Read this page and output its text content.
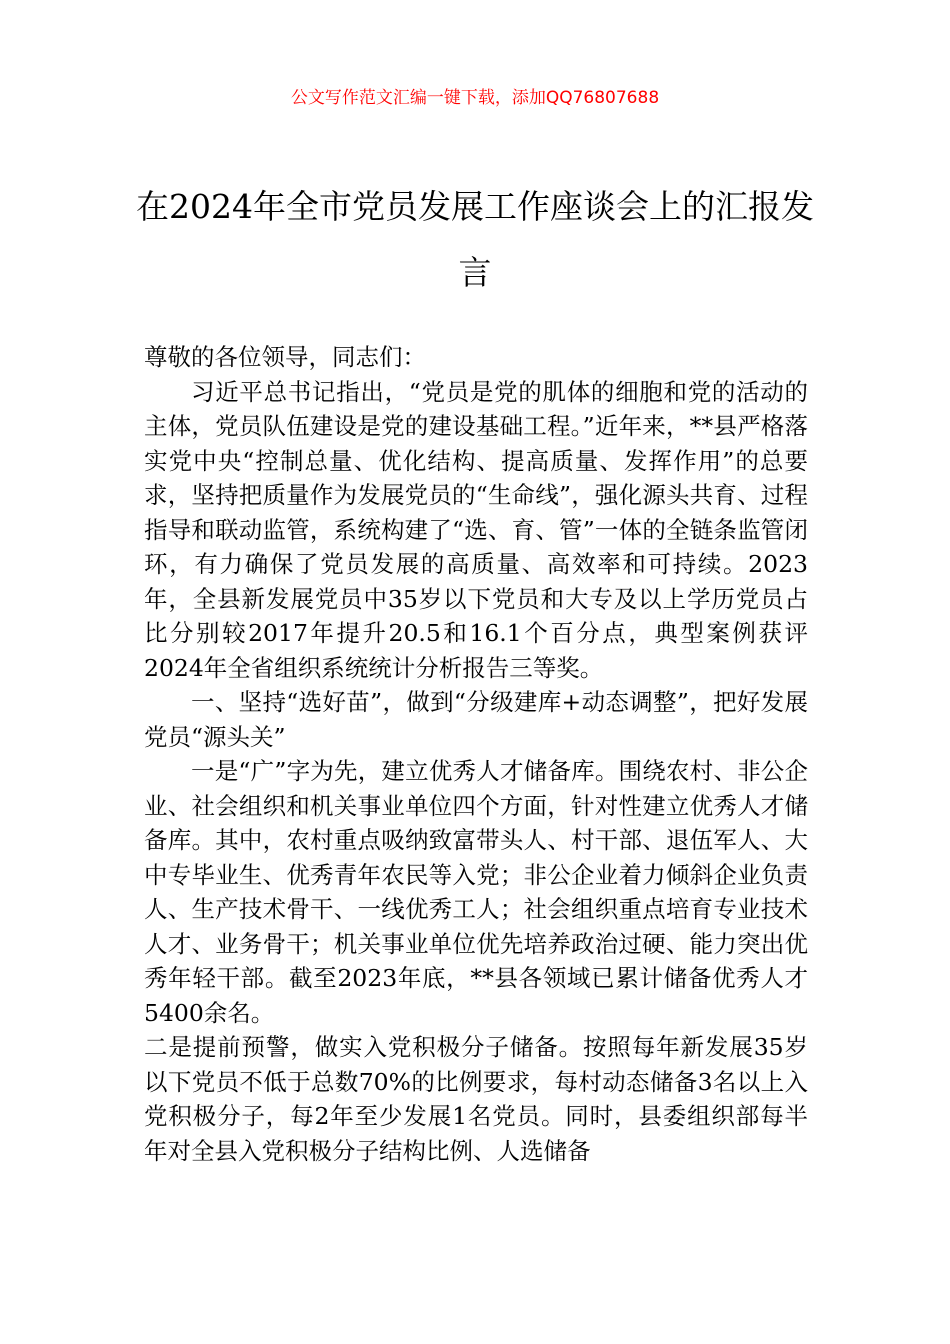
公文写作范文汇编一键下载，添加QQ76807688
在2024年全市党员发展工作座谈会上的汇报发言

尊敬的各位领导，同志们：

习近平总书记指出，“党员是党的肌体的细胞和党的活动的主体，党员队伍建设是党的建设基础工程。”近年来，**县严格落实党中央“控制总量、优化结构、提高质量、发挥作用”的总要求，坚持把质量作为发展党员的“生命线”，强化源头共育、过程指导和联动监管，系统构建了“选、育、管”一体的全链条监管闭环，有力确保了党员发展的高质量、高效率和可持续。2023年，全县新发展党员中35岁以下党员和大专及以上学历党员占比分别较2017年提升20.5和16.1个百分点，典型案例获评2024年全省组织系统统计分析报告三等奖。

一、坚持“选好苗”，做到“分级建库+动态调整”，把好发展党员“源头关”

一是“广”字为先，建立优秀人才储备库。围绕农村、非公企业、社会组织和机关事业单位四个方面，针对性建立优秀人才储备库。其中，农村重点吸纳致富带头人、村干部、退伍军人、大中专毕业生、优秀青年农民等入党；非公企业着力倾斜企业负责人、生产技术骨干、一线优秀工人；社会组织重点培育专业技术人才、业务骨干；机关事业单位优先培养政治过硬、能力突出优秀年轻干部。截至2023年底，**县各领域已累计储备优秀人才5400余名。

二是提前预警，做实入党积极分子储备。按照每年新发展35岁以下党员不低于总数70%的比例要求，每村动态储备3名以上入党积极分子，每2年至少发展1名党员。同时，县委组织部每半年对全县入党积极分子结构比例、人选储备
